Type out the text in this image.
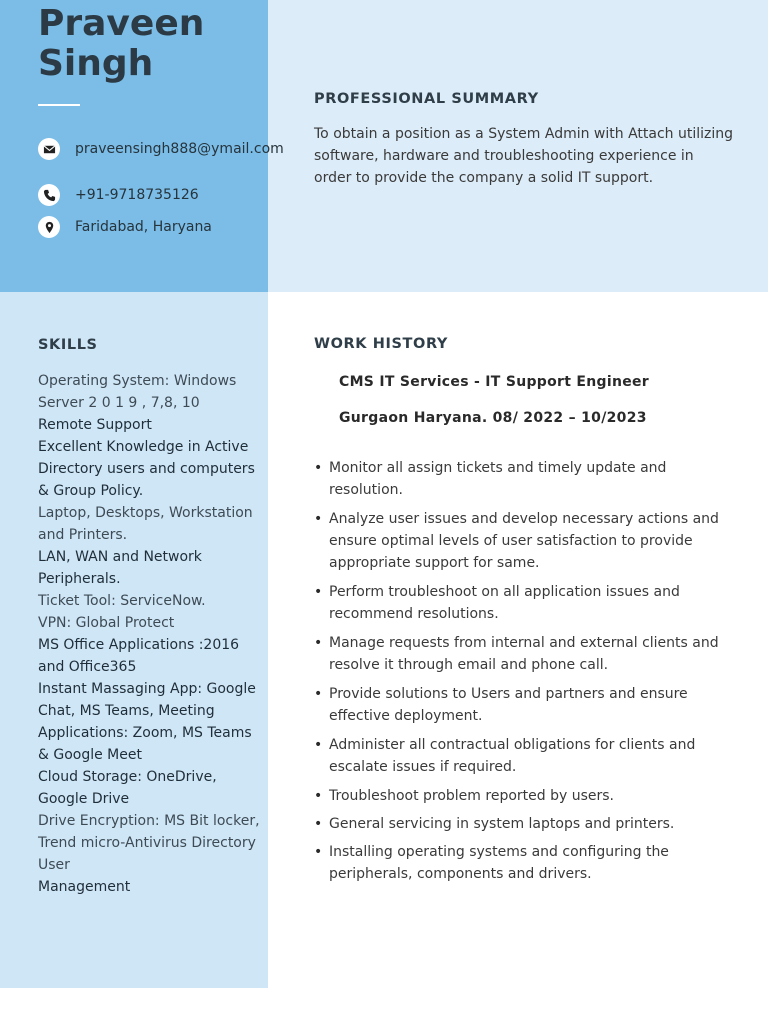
Praveen
Singh
praveensingh888@ymail.com
+91-9718735126
Faridabad, Haryana
PROFESSIONAL SUMMARY
To obtain a position as a System Admin with Attach utilizing software, hardware and troubleshooting experience in order to provide the company a solid IT support.
SKILLS
Operating System: Windows Server 2 0 1 9 , 7,8, 10
Remote Support
Excellent Knowledge in Active Directory users and computers & Group Policy.
Laptop, Desktops, Workstation and Printers.
LAN, WAN and Network Peripherals.
Ticket Tool: ServiceNow.
VPN: Global Protect
MS Office Applications :2016 and Office365
Instant Massaging App: Google Chat, MS Teams, Meeting Applications: Zoom, MS Teams & Google Meet
Cloud Storage: OneDrive, Google Drive
Drive Encryption: MS Bit locker, Trend micro-Antivirus Directory User
Management
WORK HISTORY
CMS IT Services - IT Support Engineer
Gurgaon Haryana. 08/ 2022 – 10/2023
• Monitor all assign tickets and timely update and resolution.
• Analyze user issues and develop necessary actions and ensure optimal levels of user satisfaction to provide appropriate support for same.
• Perform troubleshoot on all application issues and recommend resolutions.
• Manage requests from internal and external clients and resolve it through email and phone call.
• Provide solutions to Users and partners and ensure effective deployment.
• Administer all contractual obligations for clients and escalate issues if required.
• Troubleshoot problem reported by users.
• General servicing in system laptops and printers.
• Installing operating systems and configuring the peripherals, components and drivers.
